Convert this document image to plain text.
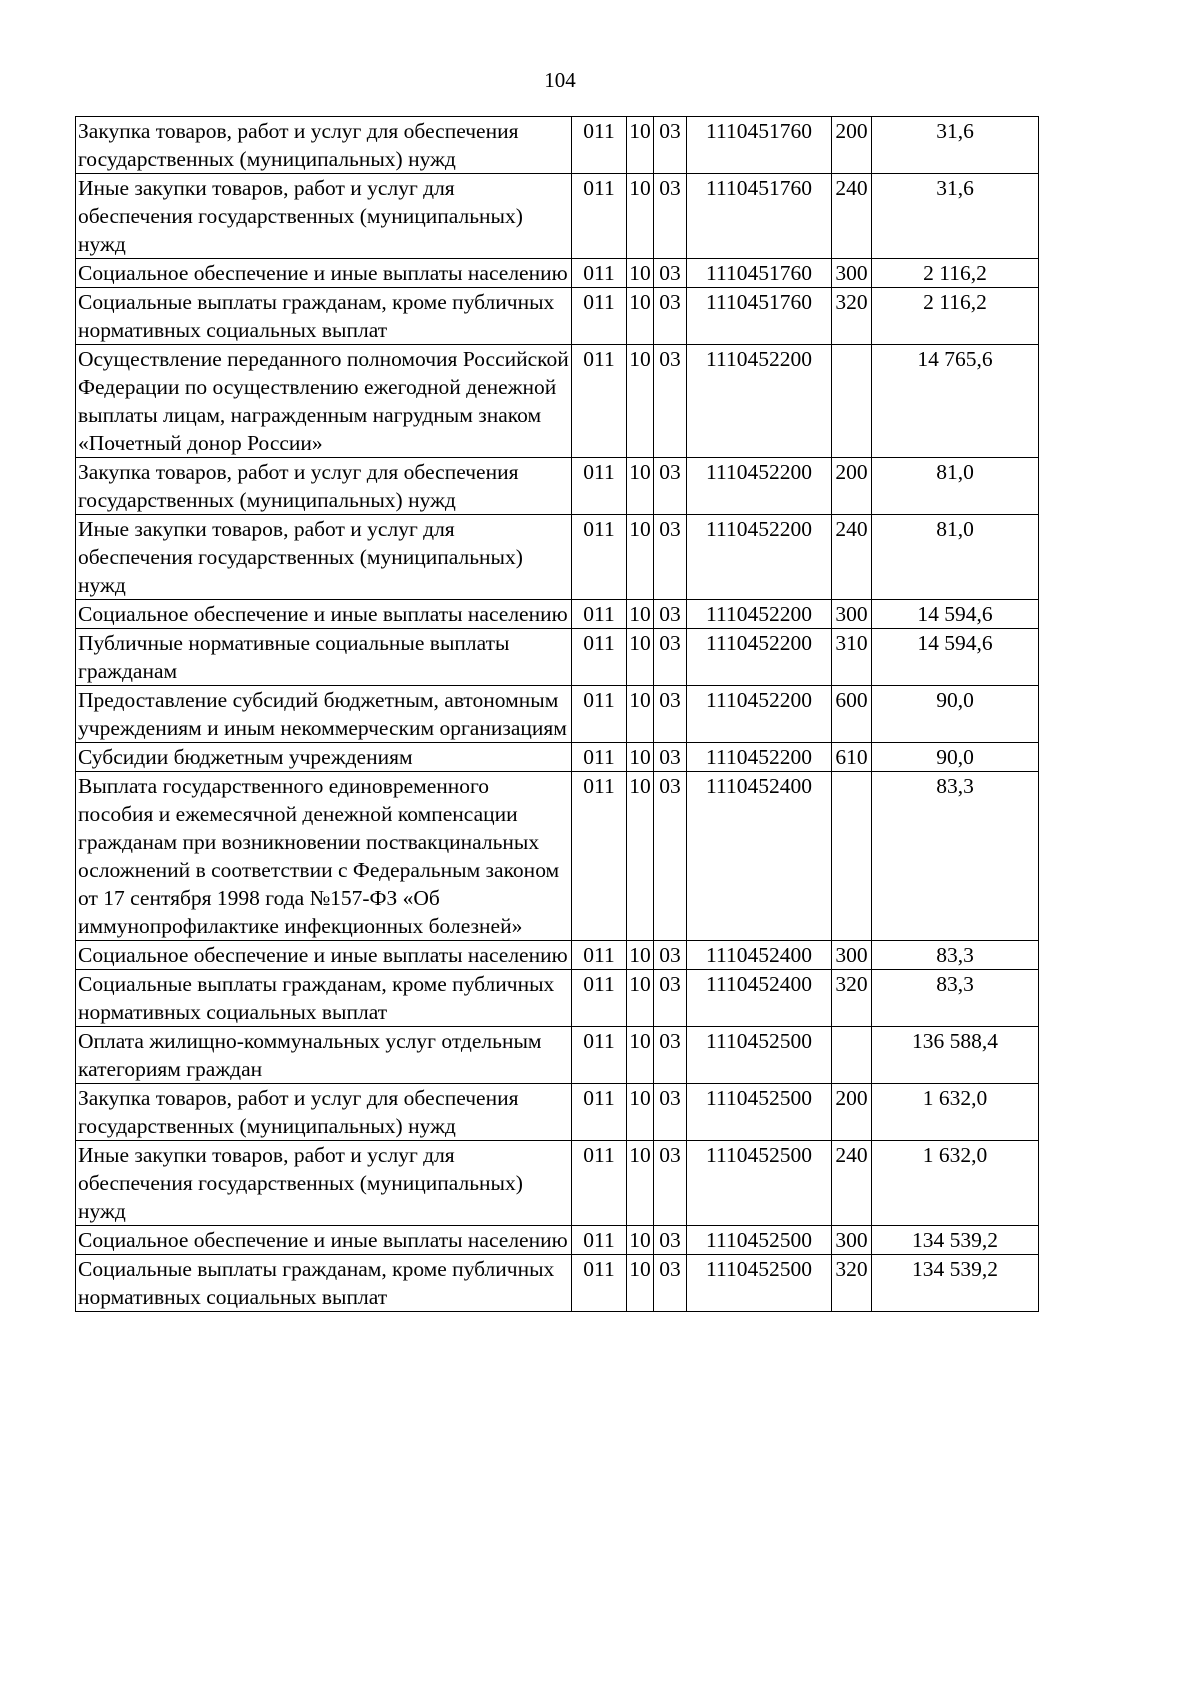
104
Закупка товаров, работ и услуг для обеспечения государственных (муниципальных) нужд	011	10	03	1110451760	200	31,6
Иные закупки товаров, работ и услуг для обеспечения государственных (муниципальных) нужд	011	10	03	1110451760	240	31,6
Социальное обеспечение и иные выплаты населению	011	10	03	1110451760	300	2 116,2
Социальные выплаты гражданам, кроме публичных нормативных социальных выплат	011	10	03	1110451760	320	2 116,2
Осуществление переданного полномочия Российской Федерации по осуществлению ежегодной денежной выплаты лицам, награжденным нагрудным знаком «Почетный донор России»	011	10	03	1110452200		14 765,6
Закупка товаров, работ и услуг для обеспечения государственных (муниципальных) нужд	011	10	03	1110452200	200	81,0
Иные закупки товаров, работ и услуг для обеспечения государственных (муниципальных) нужд	011	10	03	1110452200	240	81,0
Социальное обеспечение и иные выплаты населению	011	10	03	1110452200	300	14 594,6
Публичные нормативные социальные выплаты гражданам	011	10	03	1110452200	310	14 594,6
Предоставление субсидий бюджетным, автономным учреждениям и иным некоммерческим организациям	011	10	03	1110452200	600	90,0
Субсидии бюджетным учреждениям	011	10	03	1110452200	610	90,0
Выплата государственного единовременного пособия и ежемесячной денежной компенсации гражданам при возникновении поствакцинальных осложнений в соответствии с Федеральным законом от 17 сентября 1998 года №157-ФЗ «Об иммунопрофилактике инфекционных болезней»	011	10	03	1110452400		83,3
Социальное обеспечение и иные выплаты населению	011	10	03	1110452400	300	83,3
Социальные выплаты гражданам, кроме публичных нормативных социальных выплат	011	10	03	1110452400	320	83,3
Оплата жилищно-коммунальных услуг отдельным категориям граждан	011	10	03	1110452500		136 588,4
Закупка товаров, работ и услуг для обеспечения государственных (муниципальных) нужд	011	10	03	1110452500	200	1 632,0
Иные закупки товаров, работ и услуг для обеспечения государственных (муниципальных) нужд	011	10	03	1110452500	240	1 632,0
Социальное обеспечение и иные выплаты населению	011	10	03	1110452500	300	134 539,2
Социальные выплаты гражданам, кроме публичных нормативных социальных выплат	011	10	03	1110452500	320	134 539,2
